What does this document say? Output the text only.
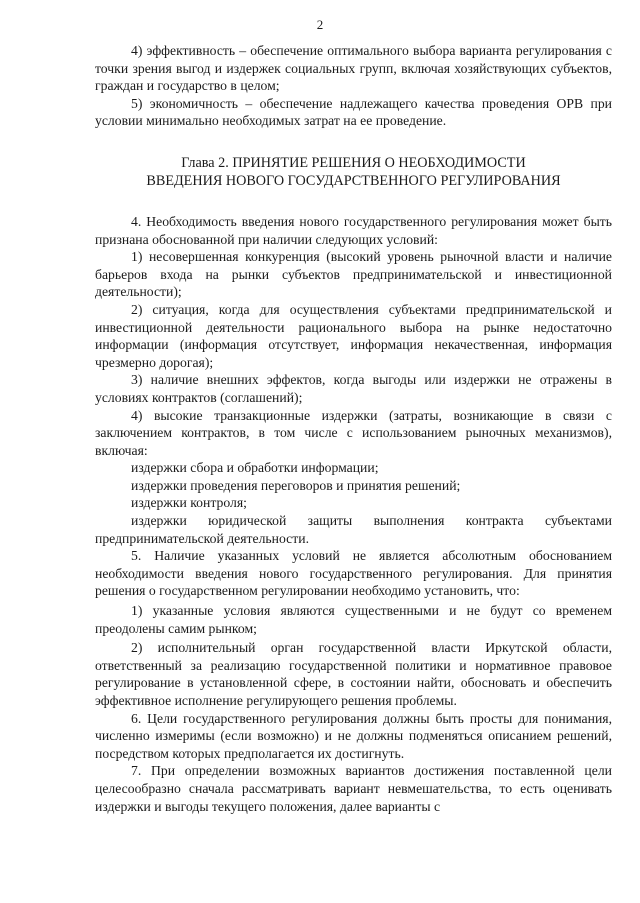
2

4) эффективность – обеспечение оптимального выбора варианта регулирования с точки зрения выгод и издержек социальных групп, включая хозяйствующих субъектов, граждан и государство в целом;

5) экономичность – обеспечение надлежащего качества проведения ОРВ при условии минимально необходимых затрат на ее проведение.

Глава 2. ПРИНЯТИЕ РЕШЕНИЯ О НЕОБХОДИМОСТИ
ВВЕДЕНИЯ НОВОГО ГОСУДАРСТВЕННОГО РЕГУЛИРОВАНИЯ

4. Необходимость введения нового государственного регулирования может быть признана обоснованной при наличии следующих условий:

1) несовершенная конкуренция (высокий уровень рыночной власти и наличие барьеров входа на рынки субъектов предпринимательской и инвестиционной деятельности);

2) ситуация, когда для осуществления субъектами предпринимательской и инвестиционной деятельности рационального выбора на рынке недостаточно информации (информация отсутствует, информация некачественная, информация чрезмерно дорогая);

3) наличие внешних эффектов, когда выгоды или издержки не отражены в условиях контрактов (соглашений);

4) высокие транзакционные издержки (затраты, возникающие в связи с заключением контрактов, в том числе с использованием рыночных механизмов), включая:

издержки сбора и обработки информации;

издержки проведения переговоров и принятия решений;

издержки контроля;

издержки юридической защиты выполнения контракта субъектами предпринимательской деятельности.

5. Наличие указанных условий не является абсолютным обоснованием необходимости введения нового государственного регулирования. Для принятия решения о государственном регулировании необходимо установить, что:

1) указанные условия являются существенными и не будут со временем преодолены самим рынком;

2) исполнительный орган государственной власти Иркутской области, ответственный за реализацию государственной политики и нормативное правовое регулирование в установленной сфере, в состоянии найти, обосновать и обеспечить эффективное исполнение регулирующего решения проблемы.

6. Цели государственного регулирования должны быть просты для понимания, численно измеримы (если возможно) и не должны подменяться описанием решений, посредством которых предполагается их достигнуть.

7. При определении возможных вариантов достижения поставленной цели целесообразно сначала рассматривать вариант невмешательства, то есть оценивать издержки и выгоды текущего положения, далее варианты с
